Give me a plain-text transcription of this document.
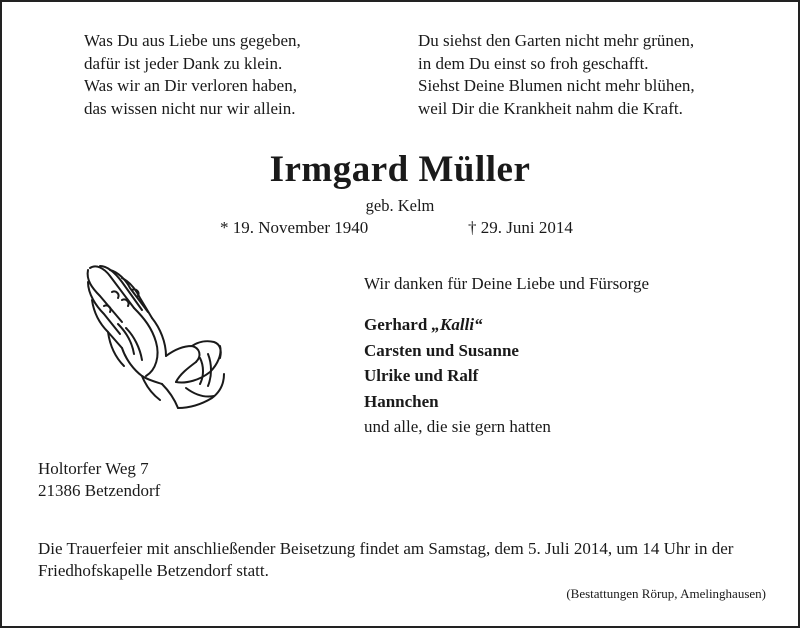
Was Du aus Liebe uns gegeben,
dafür ist jeder Dank zu klein.
Was wir an Dir verloren haben,
das wissen nicht nur wir allein.
Du siehst den Garten nicht mehr grünen,
in dem Du einst so froh geschafft.
Siehst Deine Blumen nicht mehr blühen,
weil Dir die Krankheit nahm die Kraft.
Irmgard Müller
geb. Kelm
* 19. November 1940	† 29. Juni 2014
Wir danken für Deine Liebe und Fürsorge
Gerhard „Kalli“
Carsten und Susanne
Ulrike und Ralf
Hannchen
und alle, die sie gern hatten
Holtorfer Weg 7
21386 Betzendorf
Die Trauerfeier mit anschließender Beisetzung findet am Samstag, dem 5. Juli 2014, um 14 Uhr in der Friedhofskapelle Betzendorf statt.
(Bestattungen Rörup, Amelinghausen)
